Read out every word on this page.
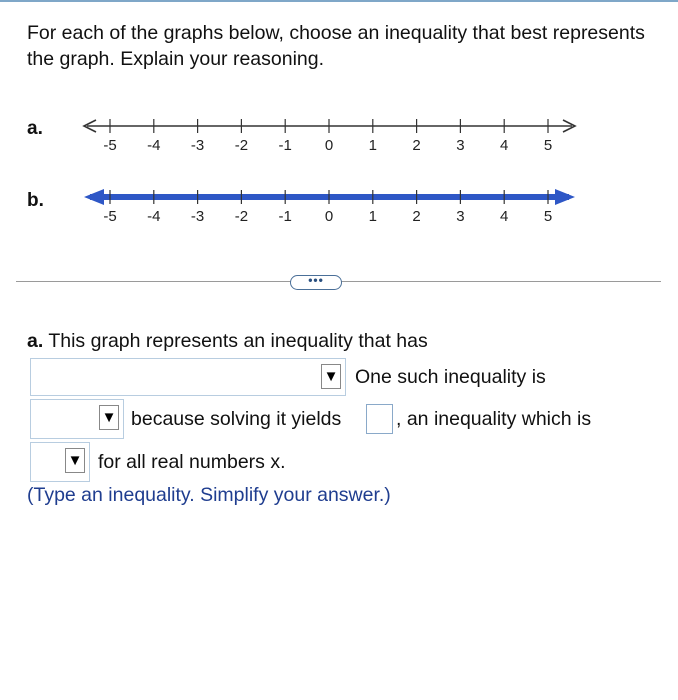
For each of the graphs below, choose an inequality that best represents the graph. Explain your reasoning.
a.
-5 -4 -3 -2 -1 0 1 2 3 4 5
b.
-5 -4 -3 -2 -1 0 1 2 3 4 5
•••
a. This graph represents an inequality that has
▼ One such inequality is
▼ because solving it yields	, an inequality which is
▼ for all real numbers x.
(Type an inequality. Simplify your answer.)
